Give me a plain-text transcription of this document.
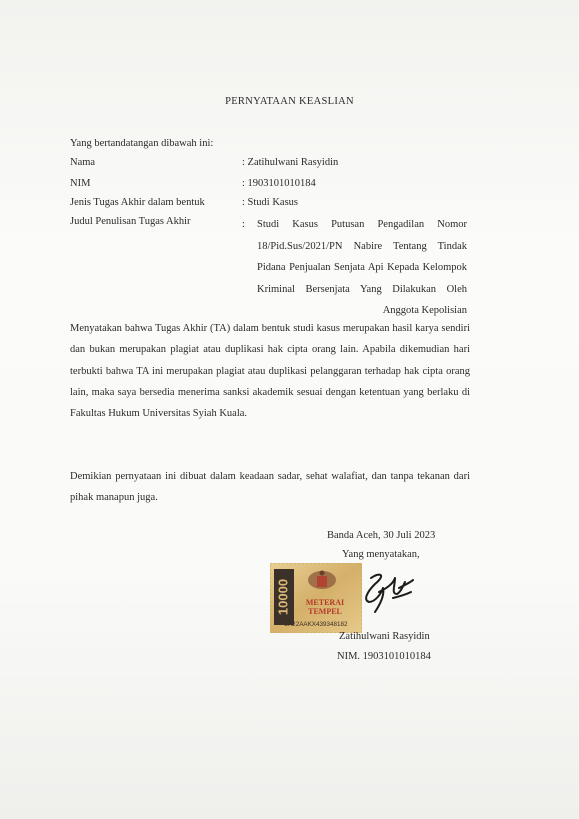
PERNYATAAN KEASLIAN
Yang bertandatangan dibawah ini:
Nama	: Zatihulwani Rasyidin
NIM	: 1903101010184
Jenis Tugas Akhir dalam bentuk	: Studi Kasus
Judul Penulisan Tugas Akhir	: Studi Kasus Putusan Pengadilan Nomor 18/Pid.Sus/2021/PN Nabire Tentang Tindak Pidana Penjualan Senjata Api Kepada Kelompok Kriminal Bersenjata Yang Dilakukan Oleh Anggota Kepolisian
Menyatakan bahwa Tugas Akhir (TA) dalam bentuk studi kasus merupakan hasil karya sendiri dan bukan merupakan plagiat atau duplikasi hak cipta orang lain. Apabila dikemudian hari terbukti bahwa TA ini merupakan plagiat atau duplikasi pelanggaran terhadap hak cipta orang lain, maka saya bersedia menerima sanksi akademik sesuai dengan ketentuan yang berlaku di Fakultas Hukum Universitas Syiah Kuala.
Demikian pernyataan ini dibuat dalam keadaan sadar, sehat walafiat, dan tanpa tekanan dari pihak manapun juga.
Banda Aceh, 30 Juli 2023
Yang menyatakan,
10000 METERAI
TEMPEL
2A22AAKX439348182
Zatihulwani Rasyidin
NIM. 1903101010184
